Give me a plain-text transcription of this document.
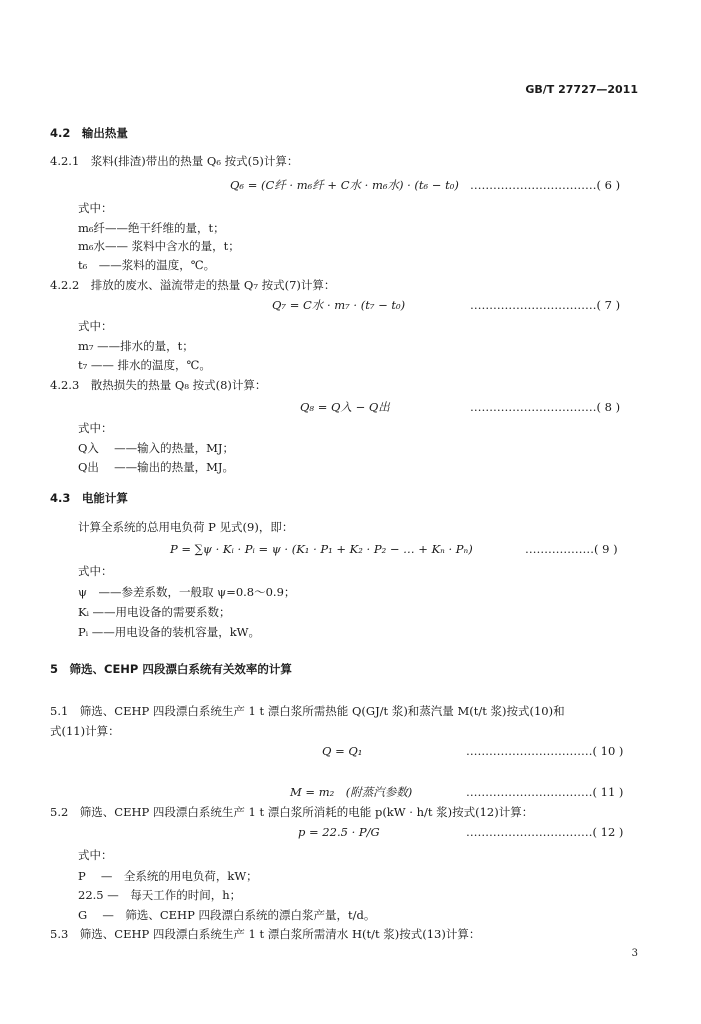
GB/T 27727—2011
4.2　输出热量
4.2.1　浆料(排渣)带出的热量 Q₆ 按式(5)计算：
Q₆ = (C纤 · m₆纤 + C水 · m₆水) · (t₆ − t₀) ……………………………( 6 )
式中：
m₆纤——绝干纤维的量，t；
m₆水—— 浆料中含水的量，t；
t₆　——浆料的温度，℃。
4.2.2　排放的废水、溢流带走的热量 Q₇ 按式(7)计算：
Q₇ = C水 · m₇ · (t₇ − t₀)	……………………………( 7 )
式中：
m₇ ——排水的量，t；
t₇ —— 排水的温度，℃。
4.2.3　散热损失的热量 Q₈ 按式(8)计算：
Q₈ = Q入 − Q出	……………………………( 8 )
式中：
Q入　 ——输入的热量，MJ；
Q出　 ——输出的热量，MJ。
4.3　电能计算
计算全系统的总用电负荷 P 见式(9)，即：
P = ∑ψ · Kᵢ · Pᵢ = ψ · (K₁ · P₁ + K₂ · P₂ − … + Kₙ · Pₙ)	………………( 9 )
式中：
ψ　——参差系数，一般取 ψ=0.8～0.9；
Kᵢ ——用电设备的需要系数；
Pᵢ ——用电设备的装机容量，kW。
5　筛选、CEHP 四段漂白系统有关效率的计算
5.1　筛选、CEHP 四段漂白系统生产 1 t 漂白浆所需热能 Q(GJ/t 浆)和蒸汽量 M(t/t 浆)按式(10)和
式(11)计算：
Q = Q₁	……………………………( 10 )
M = m₂　(附蒸汽参数)	……………………………( 11 )
5.2　筛选、CEHP 四段漂白系统生产 1 t 漂白浆所消耗的电能 p(kW · h/t 浆)按式(12)计算：
p = 22.5 · P/G	……………………………( 12 )
式中：
P　 —　全系统的用电负荷，kW；
22.5 —　每天工作的时间，h；
G　 —　筛选、CEHP 四段漂白系统的漂白浆产量，t/d。
5.3　筛选、CEHP 四段漂白系统生产 1 t 漂白浆所需清水 H(t/t 浆)按式(13)计算：
3
